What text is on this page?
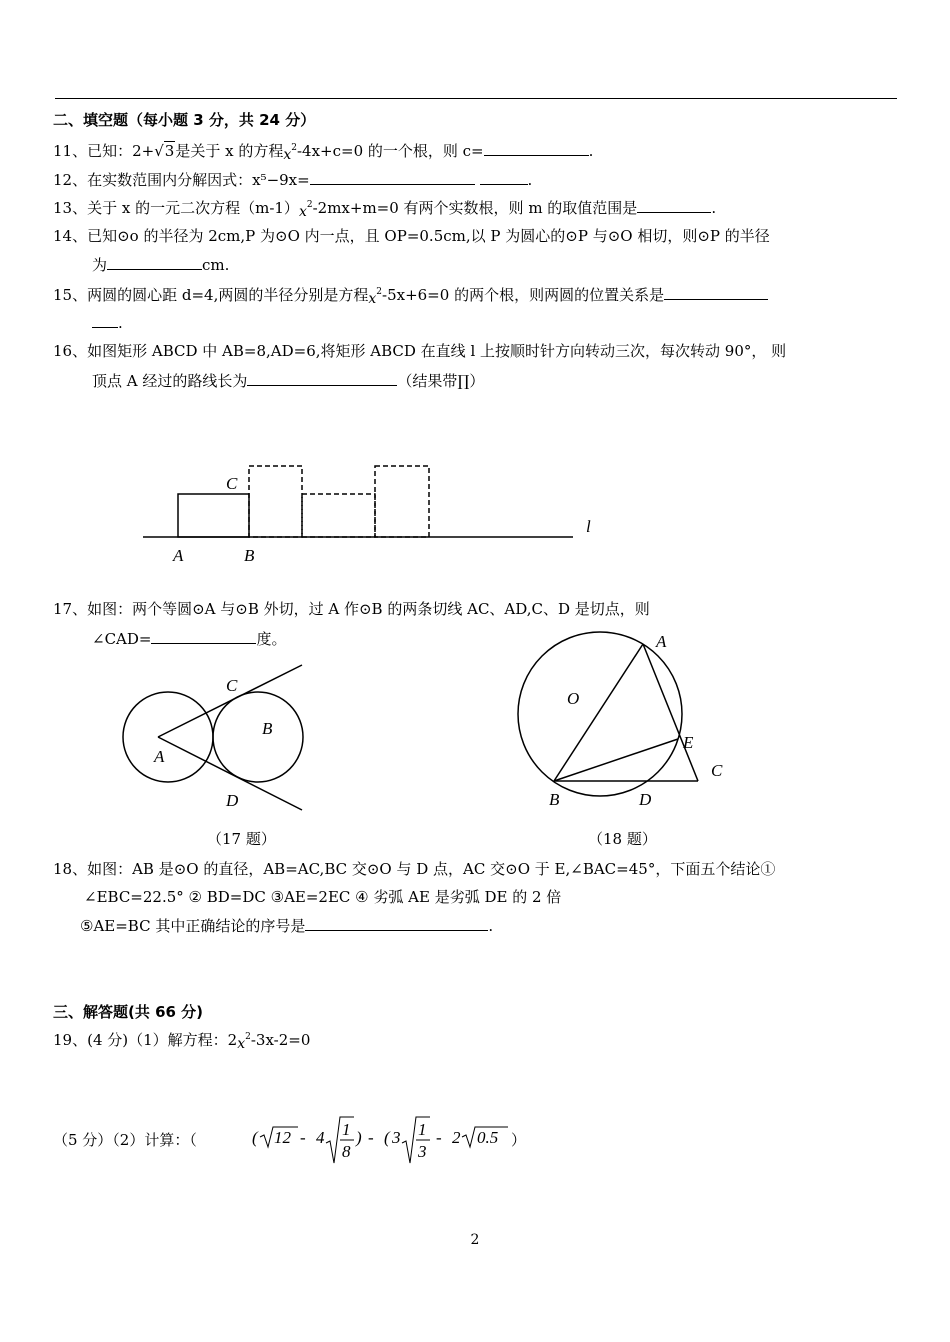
二、填空题（每小题 3 分，共 24 分）
11、已知：2+√3是关于 x 的方程$x^2-4x+c=0$ 的一个根，则 c=	.
12、在实数范围内分解因式：x⁵−9x=	.
13、关于 x 的一元二次方程$(m-1)x^2-2mx+m=0$ 有两个实数根，则 m 的取值范围是	.
14、已知⊙o 的半径为 2cm,P 为⊙O 内一点，且 OP=0.5cm,以 P 为圆心的⊙P 与⊙O 相切，则⊙P 的半径
为	cm.
15、两圆的圆心距 d=4,两圆的半径分别是方程$x^2-5x+6=0$ 的两个根，则两圆的位置关系是
.
16、如图矩形 ABCD 中 AB=8,AD=6,将矩形 ABCD 在直线 l 上按顺时针方向转动三次，每次转动 90°， 则
顶点 A 经过的路线长为	（结果带∏）
C
A	B
l
17、如图：两个等圆⊙A 与⊙B 外切，过 A 作⊙B 的两条切线 AC、AD,C、D 是切点，则
∠CAD=	度。
C
B
A
D
（17 题）
A
O
E
C
B	D
（18 题）
18、如图：AB 是⊙O 的直径，AB=AC,BC 交⊙O 与 D 点，AC 交⊙O 于 E,∠BAC=45°，下面五个结论①
∠EBC=22.5° ② BD=DC ③AE=2EC ④ 劣弧 AE 是劣弧 DE 的 2 倍
⑤AE=BC 其中正确结论的序号是	.
三、解答题(共 66 分)
19、(4 分)（1）解方程：$2x^2-3x-2=0$
（5 分）（2）计算：（	( 12 - 4 1
8
) - ( 3 1
3
- 2 0.5 ）
2
